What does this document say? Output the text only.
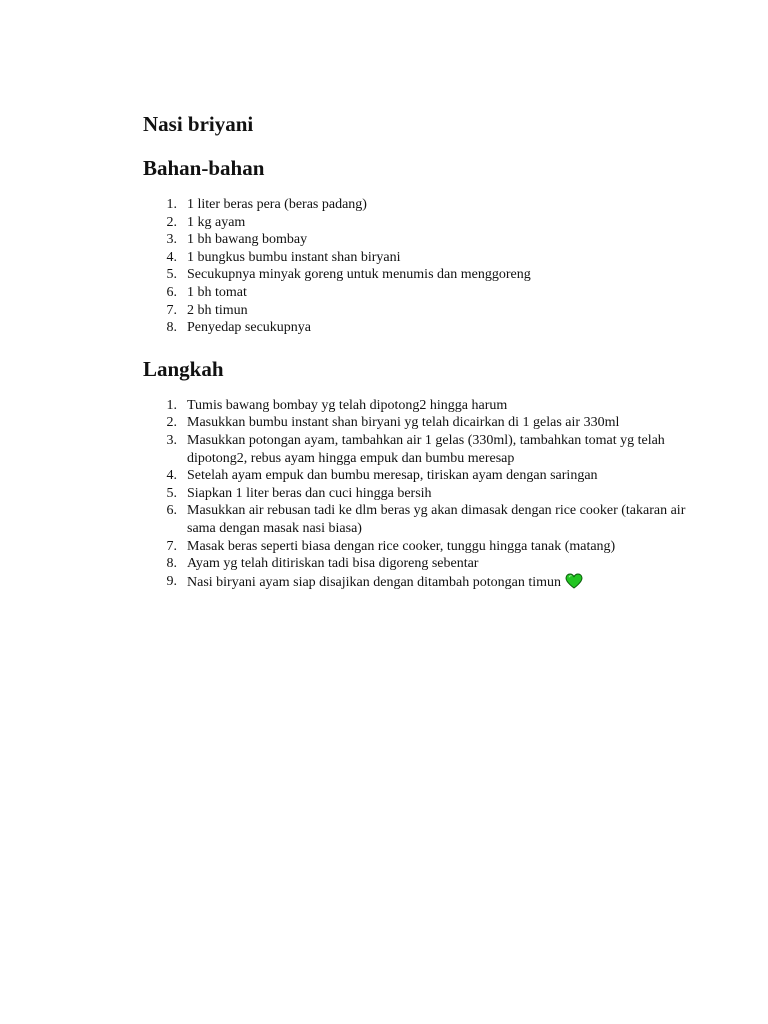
Nasi briyani
Bahan-bahan
1. 1 liter beras pera (beras padang)
2. 1 kg ayam
3. 1 bh bawang bombay
4. 1 bungkus bumbu instant shan biryani
5. Secukupnya minyak goreng untuk menumis dan menggoreng
6. 1 bh tomat
7. 2 bh timun
8. Penyedap secukupnya
Langkah
1. Tumis bawang bombay yg telah dipotong2 hingga harum
2. Masukkan bumbu instant shan biryani yg telah dicairkan di 1 gelas air 330ml
3. Masukkan potongan ayam, tambahkan air 1 gelas (330ml), tambahkan tomat yg telah dipotong2, rebus ayam hingga empuk dan bumbu meresap
4. Setelah ayam empuk dan bumbu meresap, tiriskan ayam dengan saringan
5. Siapkan 1 liter beras dan cuci hingga bersih
6. Masukkan air rebusan tadi ke dlm beras yg akan dimasak dengan rice cooker (takaran air sama dengan masak nasi biasa)
7. Masak beras seperti biasa dengan rice cooker, tunggu hingga tanak (matang)
8. Ayam yg telah ditiriskan tadi bisa digoreng sebentar
9. Nasi biryani ayam siap disajikan dengan ditambah potongan timun
